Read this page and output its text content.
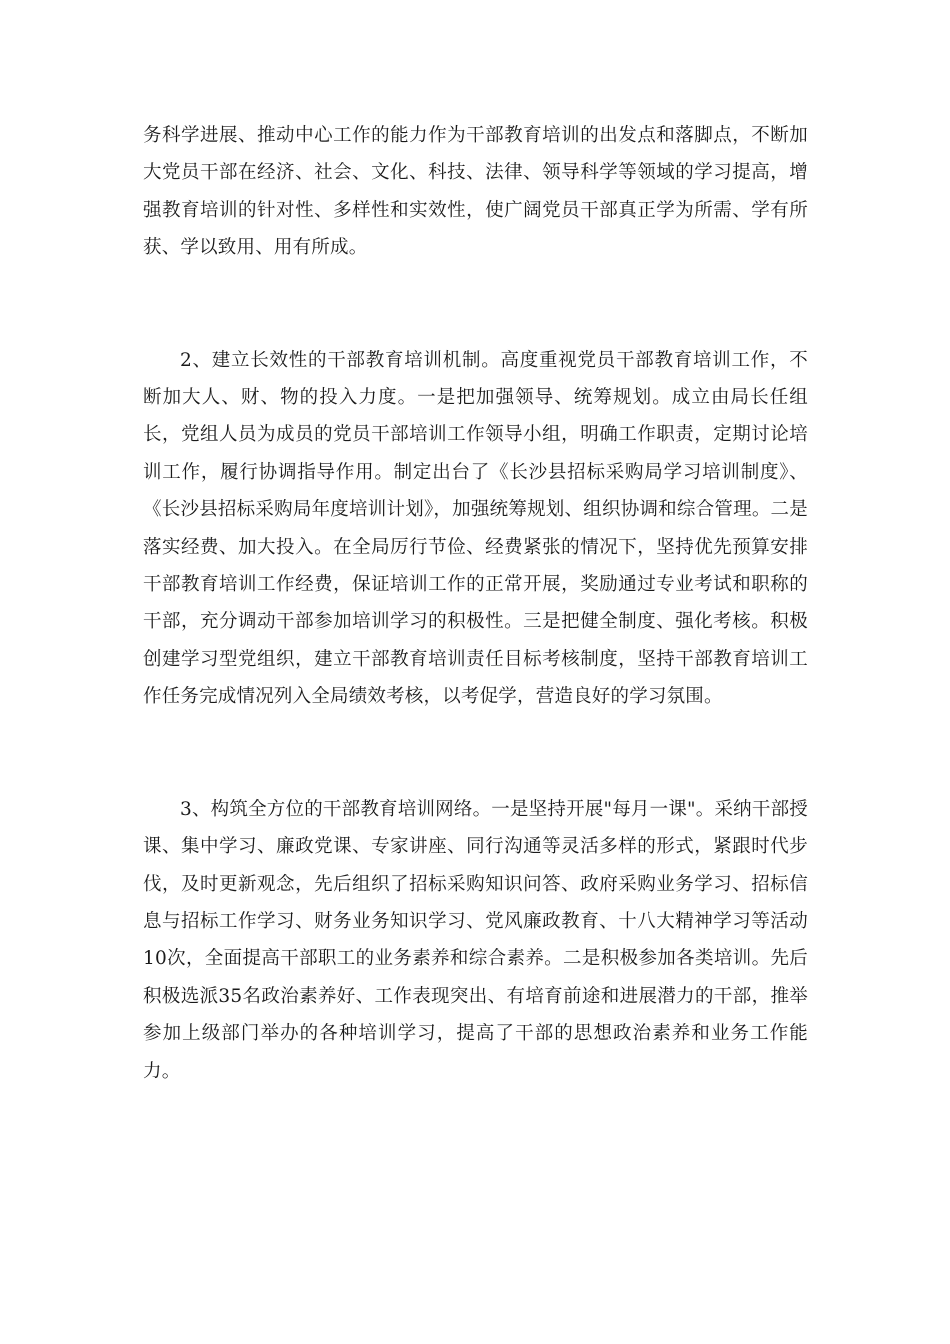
务科学进展、推动中心工作的能力作为干部教育培训的出发点和落脚点，不断加大党员干部在经济、社会、文化、科技、法律、领导科学等领域的学习提高，增强教育培训的针对性、多样性和实效性，使广阔党员干部真正学为所需、学有所获、学以致用、用有所成。

2、建立长效性的干部教育培训机制。高度重视党员干部教育培训工作，不断加大人、财、物的投入力度。一是把加强领导、统筹规划。成立由局长任组长，党组人员为成员的党员干部培训工作领导小组，明确工作职责，定期讨论培训工作，履行协调指导作用。制定出台了《长沙县招标采购局学习培训制度》、《长沙县招标采购局年度培训计划》，加强统筹规划、组织协调和综合管理。二是落实经费、加大投入。在全局厉行节俭、经费紧张的情况下，坚持优先预算安排干部教育培训工作经费，保证培训工作的正常开展，奖励通过专业考试和职称的干部，充分调动干部参加培训学习的积极性。三是把健全制度、强化考核。积极创建学习型党组织，建立干部教育培训责任目标考核制度，坚持干部教育培训工作任务完成情况列入全局绩效考核，以考促学，营造良好的学习氛围。

3、构筑全方位的干部教育培训网络。一是坚持开展"每月一课"。采纳干部授课、集中学习、廉政党课、专家讲座、同行沟通等灵活多样的形式，紧跟时代步伐，及时更新观念，先后组织了招标采购知识问答、政府采购业务学习、招标信息与招标工作学习、财务业务知识学习、党风廉政教育、十八大精神学习等活动10次，全面提高干部职工的业务素养和综合素养。二是积极参加各类培训。先后积极选派35名政治素养好、工作表现突出、有培育前途和进展潜力的干部，推举参加上级部门举办的各种培训学习，提高了干部的思想政治素养和业务工作能力。
